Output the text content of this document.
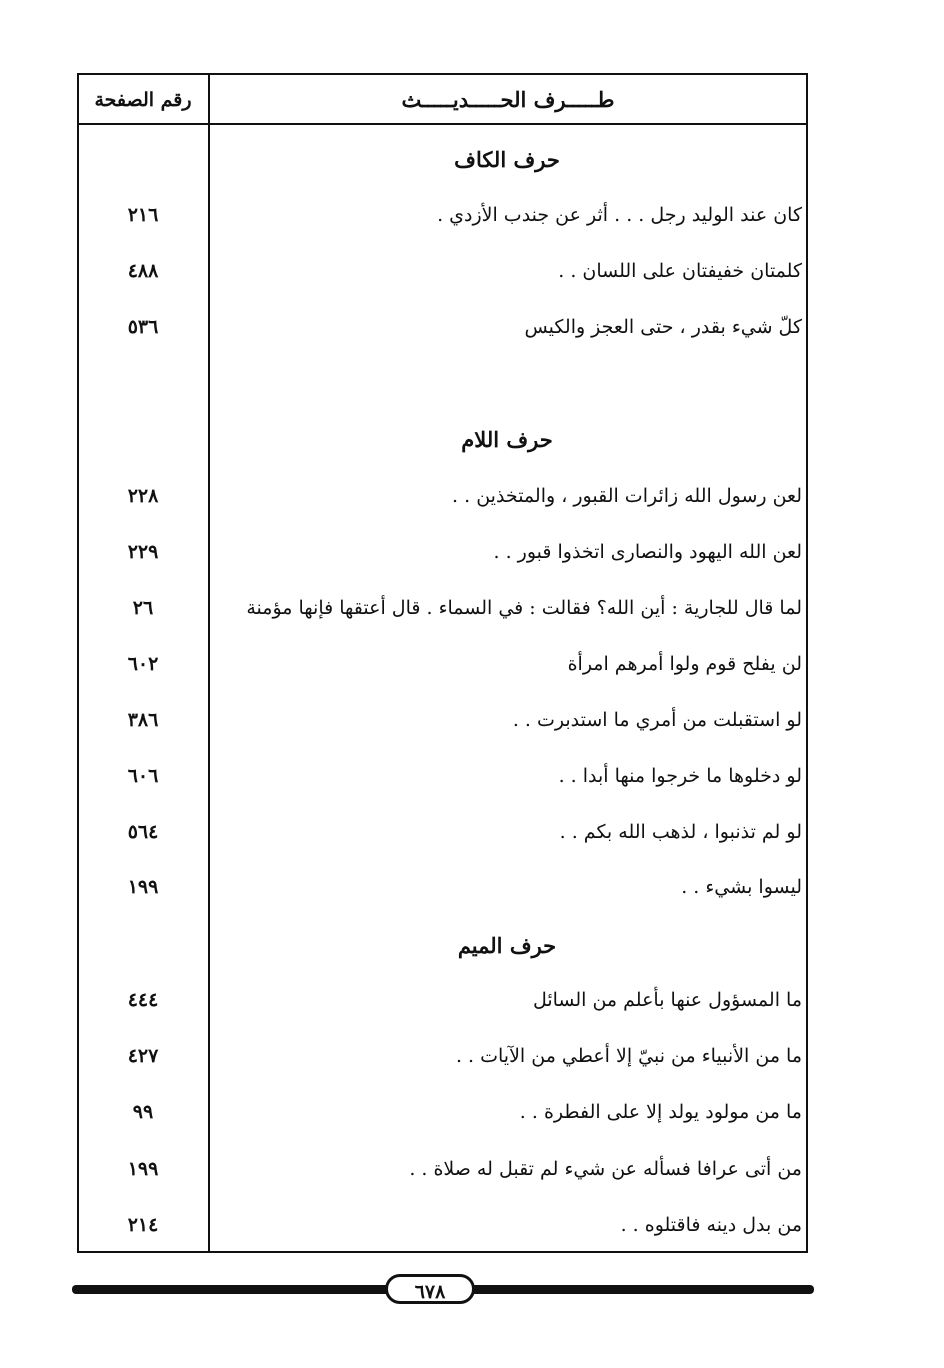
طـــــرف الحـــــديـــــث
رقم الصفحة
حرف الكاف
كان عند الوليد رجل . . . أثر عن جندب الأزدي .
٢١٦
كلمتان خفيفتان على اللسان . .
٤٨٨
كلّ شيء بقدر ، حتى العجز والكيس
٥٣٦
حرف اللام
لعن رسول الله زائرات القبور ، والمتخذين . .
٢٢٨
لعن الله اليهود والنصارى اتخذوا قبور . .
٢٢٩
لما قال للجارية : أين الله؟ فقالت : في السماء . قال أعتقها فإنها مؤمنة
٢٦
لن يفلح قوم ولوا أمرهم امرأة
٦٠٢
لو استقبلت من أمري ما استدبرت . .
٣٨٦
لو دخلوها ما خرجوا منها أبدا . .
٦٠٦
لو لم تذنبوا ، لذهب الله بكم . .
٥٦٤
ليسوا بشيء . .
١٩٩
حرف الميم
ما المسؤول عنها بأعلم من السائل
٤٤٤
ما من الأنبياء من نبيّ إلا أعطي من الآيات . .
٤٢٧
ما من مولود يولد إلا على الفطرة . .
٩٩
من أتى عرافا فسأله عن شيء لم تقبل له صلاة . .
١٩٩
من بدل دينه فاقتلوه . .
٢١٤
٦٧٨
